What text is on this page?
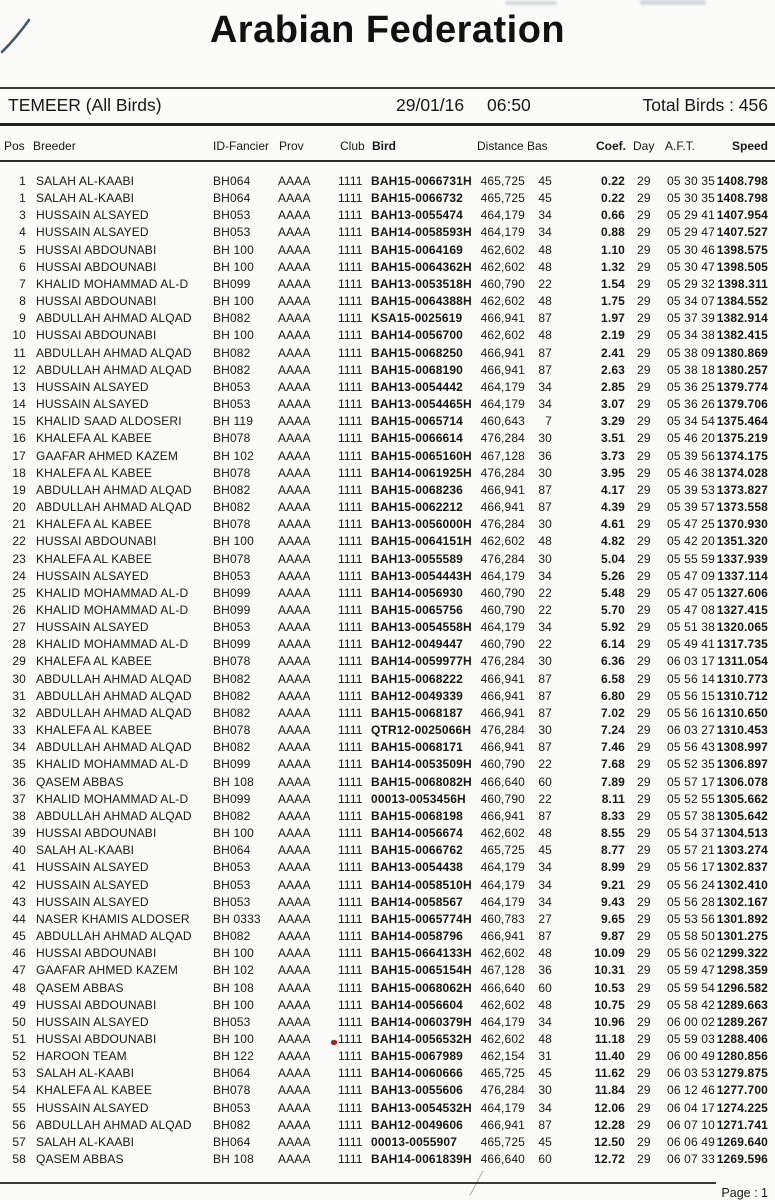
Arabian Federation
TEMEER (All Birds)	29/01/16 06:50	Total Birds : 456
Pos Breeder	ID-Fancier Prov	Club Bird	Distance Bas	Coef. Day A.F.T.	Speed
1 SALAH AL-KAABI	BH064	AAAA	1111 BAH15-0066731H 465,725	45	0.22 29	05 30 35 1408.798
1 SALAH AL-KAABI	BH064	AAAA	1111 BAH15-0066732	465,725	45	0.22 29	05 30 35 1408.798
3 HUSSAIN ALSAYED	BH053	AAAA	1111 BAH13-0055474	464,179	34	0.66 29	05 29 41 1407.954
4 HUSSAIN ALSAYED	BH053	AAAA	1111 BAH14-0058593H 464,179	34	0.88 29	05 29 47 1407.527
5 HUSSAI ABDOUNABI	BH 100	AAAA	1111 BAH15-0064169	462,602	48	1.10 29	05 30 46 1398.575
6 HUSSAI ABDOUNABI	BH 100	AAAA	1111 BAH15-0064362H 462,602	48	1.32 29	05 30 47 1398.505
7 KHALID MOHAMMAD AL-D	BH099	AAAA	1111 BAH13-0053518H 460,790	22	1.54 29	05 29 32 1398.311
8 HUSSAI ABDOUNABI	BH 100	AAAA	1111 BAH15-0064388H 462,602	48	1.75 29	05 34 07 1384.552
9 ABDULLAH AHMAD ALQAD	BH082	AAAA	1111 KSA15-0025619	466,941	87	1.97 29	05 37 39 1382.914
10 HUSSAI ABDOUNABI	BH 100	AAAA	1111 BAH14-0056700	462,602	48	2.19 29	05 34 38 1382.415
11 ABDULLAH AHMAD ALQAD	BH082	AAAA	1111 BAH15-0068250	466,941	87	2.41 29	05 38 09 1380.869
12 ABDULLAH AHMAD ALQAD	BH082	AAAA	1111 BAH15-0068190	466,941	87	2.63 29	05 38 18 1380.257
13 HUSSAIN ALSAYED	BH053	AAAA	1111 BAH13-0054442	464,179	34	2.85 29	05 36 25 1379.774
14 HUSSAIN ALSAYED	BH053	AAAA	1111 BAH13-0054465H 464,179	34	3.07 29	05 36 26 1379.706
15 KHALID SAAD ALDOSERI	BH 119	AAAA	1111 BAH15-0065714	460,643	7	3.29 29	05 34 54 1375.464
16 KHALEFA AL KABEE	BH078	AAAA	1111 BAH15-0066614	476,284	30	3.51 29	05 46 20 1375.219
17 GAAFAR AHMED KAZEM	BH 102	AAAA	1111 BAH15-0065160H 467,128	36	3.73 29	05 39 56 1374.175
18 KHALEFA AL KABEE	BH078	AAAA	1111 BAH14-0061925H 476,284	30	3.95 29	05 46 38 1374.028
19 ABDULLAH AHMAD ALQAD	BH082	AAAA	1111 BAH15-0068236	466,941	87	4.17 29	05 39 53 1373.827
20 ABDULLAH AHMAD ALQAD	BH082	AAAA	1111 BAH15-0062212	466,941	87	4.39 29	05 39 57 1373.558
21 KHALEFA AL KABEE	BH078	AAAA	1111 BAH13-0056000H 476,284	30	4.61 29	05 47 25 1370.930
22 HUSSAI ABDOUNABI	BH 100	AAAA	1111 BAH15-0064151H 462,602	48	4.82 29	05 42 20 1351.320
23 KHALEFA AL KABEE	BH078	AAAA	1111 BAH13-0055589	476,284	30	5.04 29	05 55 59 1337.939
24 HUSSAIN ALSAYED	BH053	AAAA	1111 BAH13-0054443H 464,179	34	5.26 29	05 47 09 1337.114
25 KHALID MOHAMMAD AL-D	BH099	AAAA	1111 BAH14-0056930	460,790	22	5.48 29	05 47 05 1327.606
26 KHALID MOHAMMAD AL-D	BH099	AAAA	1111 BAH15-0065756	460,790	22	5.70 29	05 47 08 1327.415
27 HUSSAIN ALSAYED	BH053	AAAA	1111 BAH13-0054558H 464,179	34	5.92 29	05 51 38 1320.065
28 KHALID MOHAMMAD AL-D	BH099	AAAA	1111 BAH12-0049447	460,790	22	6.14 29	05 49 41 1317.735
29 KHALEFA AL KABEE	BH078	AAAA	1111 BAH14-0059977H 476,284	30	6.36 29	06 03 17 1311.054
30 ABDULLAH AHMAD ALQAD	BH082	AAAA	1111 BAH15-0068222	466,941	87	6.58 29	05 56 14 1310.773
31 ABDULLAH AHMAD ALQAD	BH082	AAAA	1111 BAH12-0049339	466,941	87	6.80 29	05 56 15 1310.712
32 ABDULLAH AHMAD ALQAD	BH082	AAAA	1111 BAH15-0068187	466,941	87	7.02 29	05 56 16 1310.650
33 KHALEFA AL KABEE	BH078	AAAA	1111 QTR12-0025066H 476,284	30	7.24 29	06 03 27 1310.453
34 ABDULLAH AHMAD ALQAD	BH082	AAAA	1111 BAH15-0068171	466,941	87	7.46 29	05 56 43 1308.997
35 KHALID MOHAMMAD AL-D	BH099	AAAA	1111 BAH14-0053509H 460,790	22	7.68 29	05 52 35 1306.897
36 QASEM ABBAS	BH 108	AAAA	1111 BAH15-0068082H 466,640	60	7.89 29	05 57 17 1306.078
37 KHALID MOHAMMAD AL-D	BH099	AAAA	1111 00013-0053456H	460,790	22	8.11 29	05 52 55 1305.662
38 ABDULLAH AHMAD ALQAD	BH082	AAAA	1111 BAH15-0068198	466,941	87	8.33 29	05 57 38 1305.642
39 HUSSAI ABDOUNABI	BH 100	AAAA	1111 BAH14-0056674	462,602	48	8.55 29	05 54 37 1304.513
40 SALAH AL-KAABI	BH064	AAAA	1111 BAH15-0066762	465,725	45	8.77 29	05 57 21 1303.274
41 HUSSAIN ALSAYED	BH053	AAAA	1111 BAH13-0054438	464,179	34	8.99 29	05 56 17 1302.837
42 HUSSAIN ALSAYED	BH053	AAAA	1111 BAH14-0058510H 464,179	34	9.21 29	05 56 24 1302.410
43 HUSSAIN ALSAYED	BH053	AAAA	1111 BAH14-0058567	464,179	34	9.43 29	05 56 28 1302.167
44 NASER KHAMIS ALDOSER	BH 0333	AAAA	1111 BAH15-0065774H 460,783	27	9.65 29	05 53 56 1301.892
45 ABDULLAH AHMAD ALQAD	BH082	AAAA	1111 BAH14-0058796	466,941	87	9.87 29	05 58 50 1301.275
46 HUSSAI ABDOUNABI	BH 100	AAAA	1111 BAH15-0664133H 462,602	48	10.09 29	05 56 02 1299.322
47 GAAFAR AHMED KAZEM	BH 102	AAAA	1111 BAH15-0065154H 467,128	36	10.31 29	05 59 47 1298.359
48 QASEM ABBAS	BH 108	AAAA	1111 BAH15-0068062H 466,640	60	10.53 29	05 59 54 1296.582
49 HUSSAI ABDOUNABI	BH 100	AAAA	1111 BAH14-0056604	462,602	48	10.75 29	05 58 42 1289.663
50 HUSSAIN ALSAYED	BH053	AAAA	1111 BAH14-0060379H 464,179	34	10.96 29	06 00 02 1289.267
51 HUSSAI ABDOUNABI	BH 100	AAAA	1111 BAH14-0056532H 462,602	48	11.18 29	05 59 03 1288.406
52 HAROON TEAM	BH 122	AAAA	1111 BAH15-0067989	462,154	31	11.40 29	06 00 49 1280.856
53 SALAH AL-KAABI	BH064	AAAA	1111 BAH14-0060666	465,725	45	11.62 29	06 03 53 1279.875
54 KHALEFA AL KABEE	BH078	AAAA	1111 BAH13-0055606	476,284	30	11.84 29	06 12 46 1277.700
55 HUSSAIN ALSAYED	BH053	AAAA	1111 BAH13-0054532H 464,179	34	12.06 29	06 04 17 1274.225
56 ABDULLAH AHMAD ALQAD	BH082	AAAA	1111 BAH12-0049606	466,941	87	12.28 29	06 07 10 1271.741
57 SALAH AL-KAABI	BH064	AAAA	1111 00013-0055907	465,725	45	12.50 29	06 06 49 1269.640
58 QASEM ABBAS	BH 108	AAAA	1111 BAH14-0061839H 466,640	60	12.72 29	06 07 33 1269.596
Page : 1
